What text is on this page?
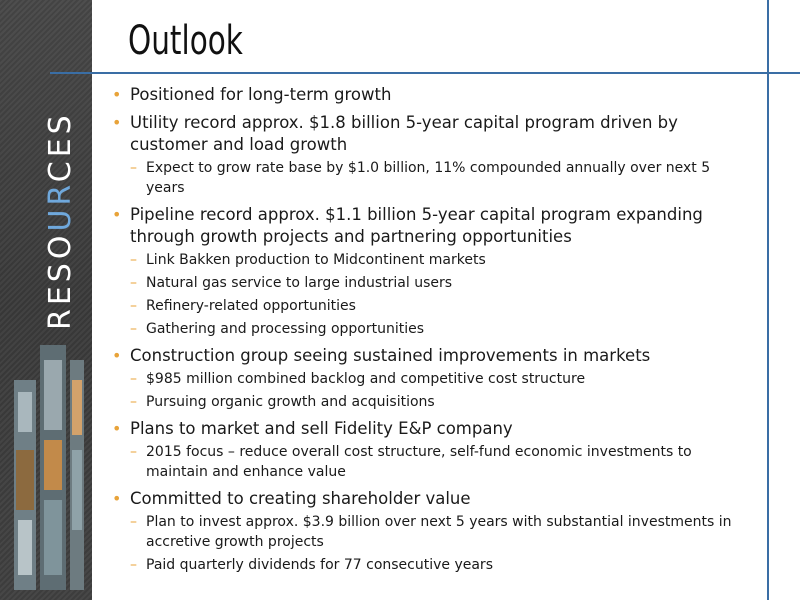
RESOURCES
Outlook
• Positioned for long-term growth
• Utility record approx. $1.8 billion 5-year capital program driven by customer and load growth
– Expect to grow rate base by $1.0 billion, 11% compounded annually over next 5 years
• Pipeline record approx. $1.1 billion 5-year capital program expanding through growth projects and partnering opportunities
– Link Bakken production to Midcontinent markets
– Natural gas service to large industrial users
– Refinery-related opportunities
– Gathering and processing opportunities
• Construction group seeing sustained improvements in markets
– $985 million combined backlog and competitive cost structure
– Pursuing organic growth and acquisitions
• Plans to market and sell Fidelity E&P company
– 2015 focus – reduce overall cost structure, self-fund economic investments to maintain and enhance value
• Committed to creating shareholder value
– Plan to invest approx. $3.9 billion over next 5 years with substantial investments in accretive growth projects
– Paid quarterly dividends for 77 consecutive years
